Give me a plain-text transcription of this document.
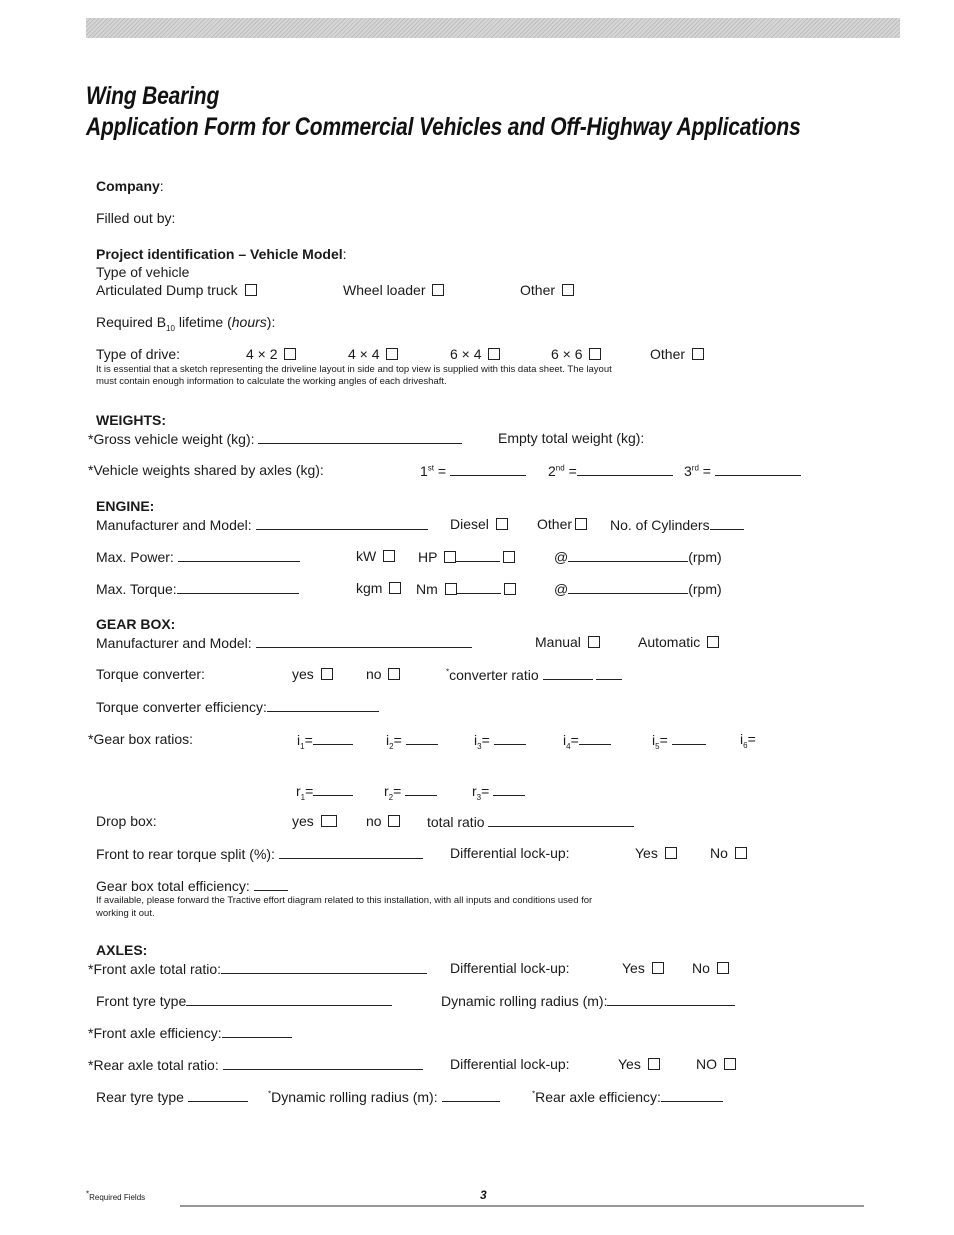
Wing Bearing
Application Form for Commercial Vehicles and Off-Highway Applications
Company:
Filled out by:
Project identification – Vehicle Model:
Type of vehicle
Articulated Dump truck	Wheel loader	Other
Required $B_{10}$ lifetime (hours):
Type of drive:	4 × 2	4 × 4	6 × 4	6 × 6	Other
It is essential that a sketch representing the driveline layout in side and top view is supplied with this data sheet. The layout
must contain enough information to calculate the working angles of each driveshaft.
WEIGHTS:
*Gross vehicle weight (kg):	Empty total weight (kg):
*Vehicle weights shared by axles (kg):	1st =	2nd =	3rd =
ENGINE:
Manufacturer and Model:	Diesel	Other	No. of Cylinders
Max. Power:	kW	HP	@	(rpm)
Max. Torque:	kgm	Nm	@	(rpm)
GEAR BOX:
Manufacturer and Model:	Manual	Automatic
Torque converter:	yes	no	*converter ratio
Torque converter efficiency:
*Gear box ratios:	$i_1=$	$i_2=$	$i_3=$	$i_4=$	$i_5=$	$i_6=$
$r_1=$	$r_2=$	$r_3=$
Drop box:	yes	no	total ratio
Front to rear torque split (%):	Differential lock-up:	Yes	No
Gear box total efficiency:
If available, please forward the Tractive effort diagram related to this installation, with all inputs and conditions used for
working it out.
AXLES:
*Front axle total ratio:	Differential lock-up:	Yes	No
Front tyre type	Dynamic rolling radius (m):
*Front axle efficiency:
*Rear axle total ratio:	Differential lock-up:	Yes	NO
Rear tyre type	*Dynamic rolling radius (m):	*Rear axle efficiency:
*Required Fields	3
